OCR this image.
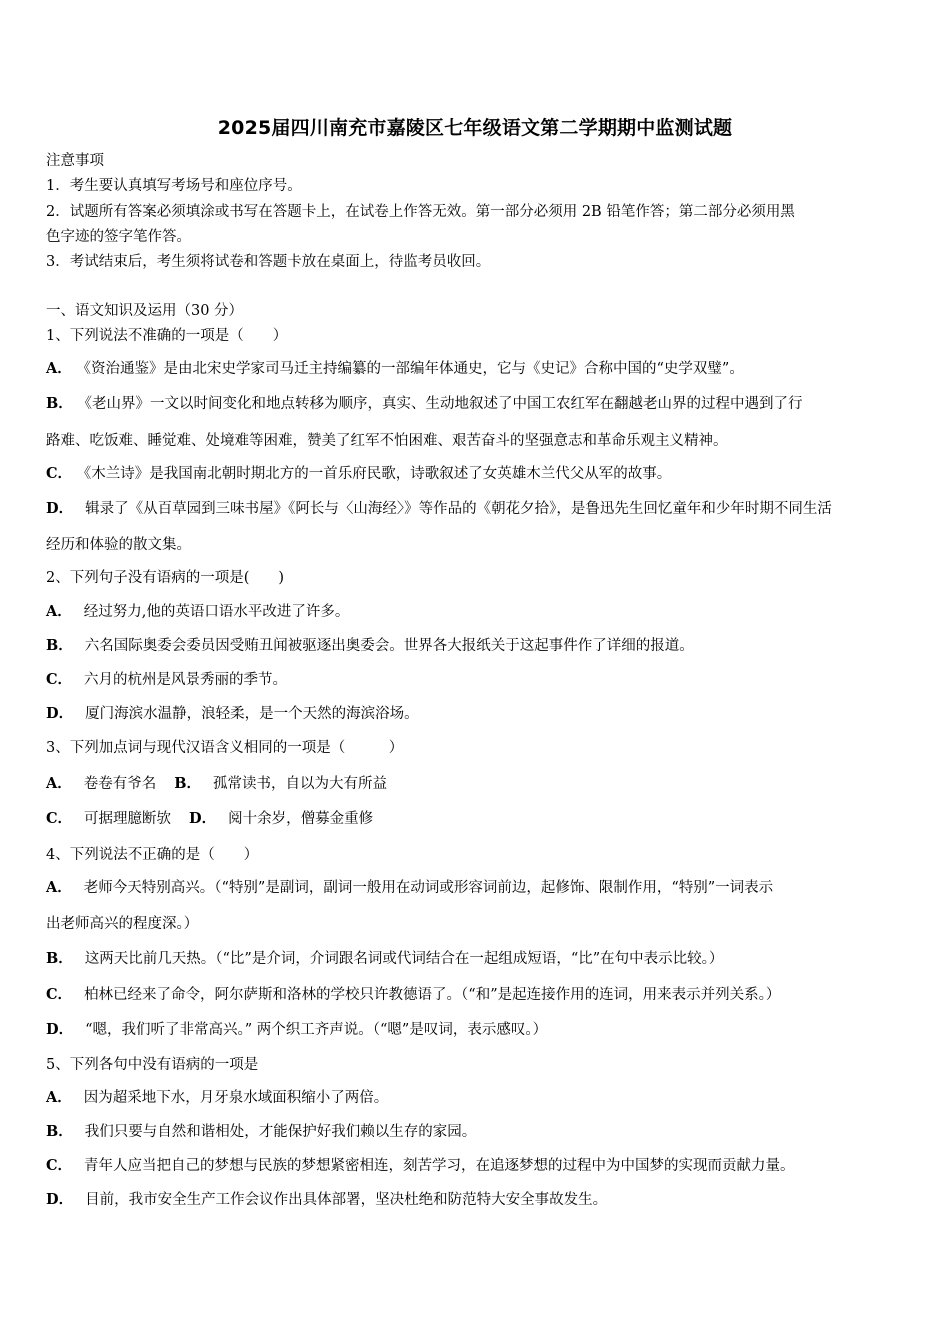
2025届四川南充市嘉陵区七年级语文第二学期期中监测试题
注意事项
1．考生要认真填写考场号和座位序号。
2．试题所有答案必须填涂或书写在答题卡上，在试卷上作答无效。第一部分必须用 2B 铅笔作答；第二部分必须用黑
色字迹的签字笔作答。
3．考试结束后，考生须将试卷和答题卡放在桌面上，待监考员收回。
一、语文知识及运用（30 分）
1、下列说法不准确的一项是（　　）
A． 《资治通鉴》是由北宋史学家司马迁主持编纂的一部编年体通史，它与《史记》合称中国的“史学双璧”。
B． 《老山界》一文以时间变化和地点转移为顺序，真实、生动地叙述了中国工农红军在翻越老山界的过程中遇到了行
路难、吃饭难、睡觉难、处境难等困难，赞美了红军不怕困难、艰苦奋斗的坚强意志和革命乐观主义精神。
C． 《木兰诗》是我国南北朝时期北方的一首乐府民歌，诗歌叙述了女英雄木兰代父从军的故事。
D． 辑录了《从百草园到三味书屋》《阿长与〈山海经〉》等作品的《朝花夕拾》，是鲁迅先生回忆童年和少年时期不同生活
经历和体验的散文集。
2、下列句子没有语病的一项是(　　)
A． 经过努力,他的英语口语水平改进了许多。
B． 六名国际奥委会委员因受贿丑闻被驱逐出奥委会。世界各大报纸关于这起事件作了详细的报道。
C． 六月的杭州是风景秀丽的季节。
D． 厦门海滨水温静，浪轻柔，是一个天然的海滨浴场。
3、下列加点词与现代汉语含义相同的一项是（　　　）
A． 卷卷有爷名 B． 孤常读书，自以为大有所益
C． 可据理臆断欤 D． 阅十余岁，僧募金重修
4、下列说法不正确的是（　　）
A． 老师今天特别高兴。（“特别”是副词，副词一般用在动词或形容词前边，起修饰、限制作用，“特别”一词表示
出老师高兴的程度深。）
B． 这两天比前几天热。（“比”是介词，介词跟名词或代词结合在一起组成短语，“比”在句中表示比较。）
C． 柏林已经来了命令，阿尔萨斯和洛林的学校只许教德语了。（“和”是起连接作用的连词，用来表示并列关系。）
D． “嗯，我们听了非常高兴。” 两个织工齐声说。（“嗯”是叹词，表示感叹。）
5、下列各句中没有语病的一项是
A． 因为超采地下水，月牙泉水域面积缩小了两倍。
B． 我们只要与自然和谐相处，才能保护好我们赖以生存的家园。
C． 青年人应当把自己的梦想与民族的梦想紧密相连，刻苦学习，在追逐梦想的过程中为中国梦的实现而贡献力量。
D． 目前，我市安全生产工作会议作出具体部署，坚决杜绝和防范特大安全事故发生。
